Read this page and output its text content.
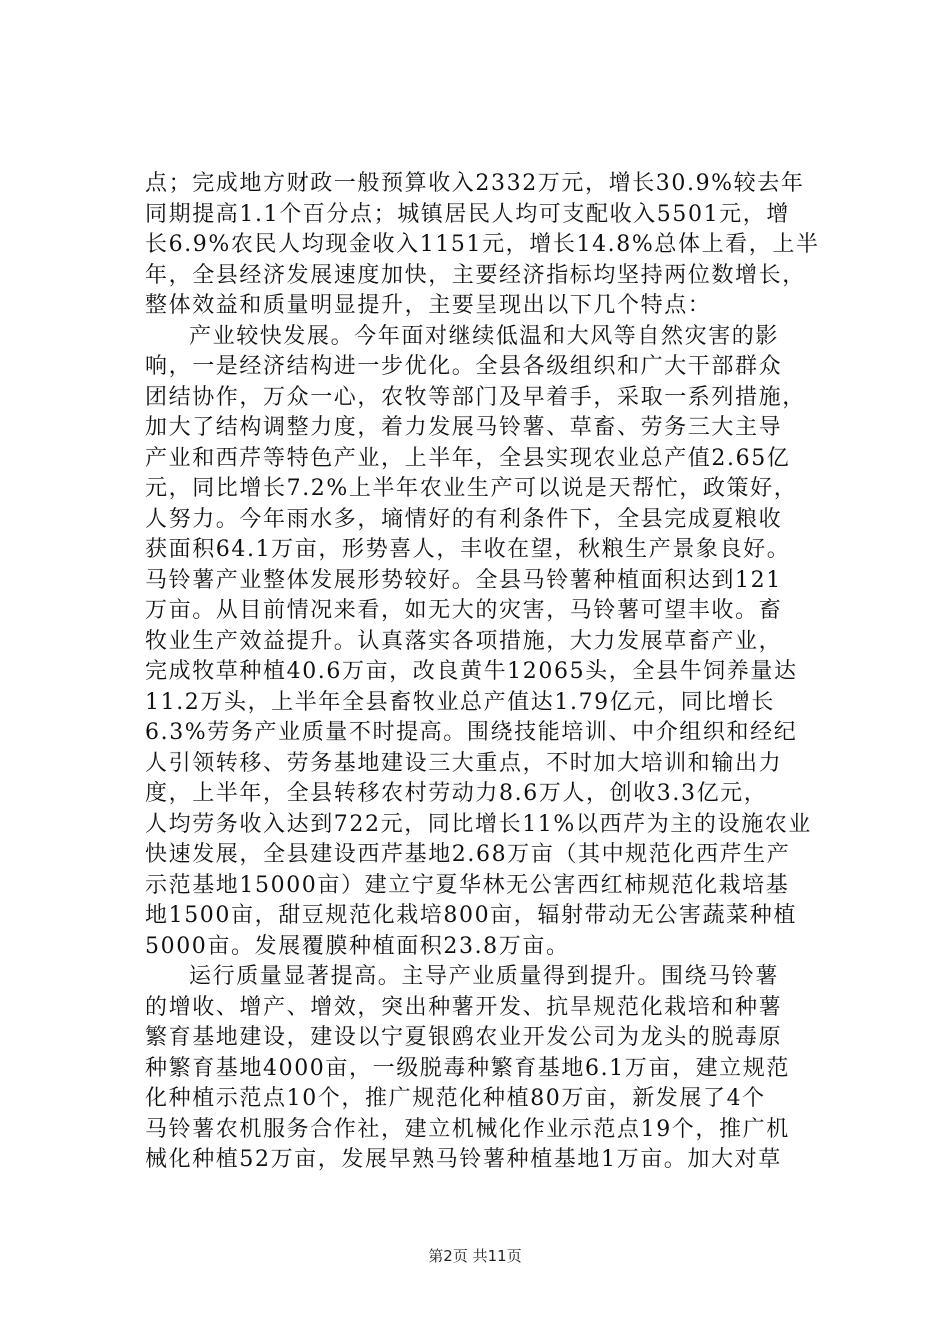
点；完成地方财政一般预算收入2332万元，增长30.9%较去年
同期提高1.1个百分点；城镇居民人均可支配收入5501元，增
长6.9%农民人均现金收入1151元，增长14.8%总体上看，上半
年，全县经济发展速度加快，主要经济指标均坚持两位数增长，
整体效益和质量明显提升，主要呈现出以下几个特点：
产业较快发展。今年面对继续低温和大风等自然灾害的影
响，一是经济结构进一步优化。全县各级组织和广大干部群众
团结协作，万众一心，农牧等部门及早着手，采取一系列措施，
加大了结构调整力度，着力发展马铃薯、草畜、劳务三大主导
产业和西芹等特色产业，上半年，全县实现农业总产值2.65亿
元，同比增长7.2%上半年农业生产可以说是天帮忙，政策好，
人努力。今年雨水多，墒情好的有利条件下，全县完成夏粮收
获面积64.1万亩，形势喜人，丰收在望，秋粮生产景象良好。
马铃薯产业整体发展形势较好。全县马铃薯种植面积达到121
万亩。从目前情况来看，如无大的灾害，马铃薯可望丰收。畜
牧业生产效益提升。认真落实各项措施，大力发展草畜产业，
完成牧草种植40.6万亩，改良黄牛12065头，全县牛饲养量达
11.2万头，上半年全县畜牧业总产值达1.79亿元，同比增长
6.3%劳务产业质量不时提高。围绕技能培训、中介组织和经纪
人引领转移、劳务基地建设三大重点，不时加大培训和输出力
度，上半年，全县转移农村劳动力8.6万人，创收3.3亿元，
人均劳务收入达到722元，同比增长11%以西芹为主的设施农业
快速发展，全县建设西芹基地2.68万亩（其中规范化西芹生产
示范基地15000亩）建立宁夏华林无公害西红柿规范化栽培基
地1500亩，甜豆规范化栽培800亩，辐射带动无公害蔬菜种植
5000亩。发展覆膜种植面积23.8万亩。
运行质量显著提高。主导产业质量得到提升。围绕马铃薯
的增收、增产、增效，突出种薯开发、抗旱规范化栽培和种薯
繁育基地建设，建设以宁夏银鸥农业开发公司为龙头的脱毒原
种繁育基地4000亩，一级脱毒种繁育基地6.1万亩，建立规范
化种植示范点10个，推广规范化种植80万亩，新发展了4个
马铃薯农机服务合作社，建立机械化作业示范点19个，推广机
械化种植52万亩，发展早熟马铃薯种植基地1万亩。加大对草
第2页 共11页
